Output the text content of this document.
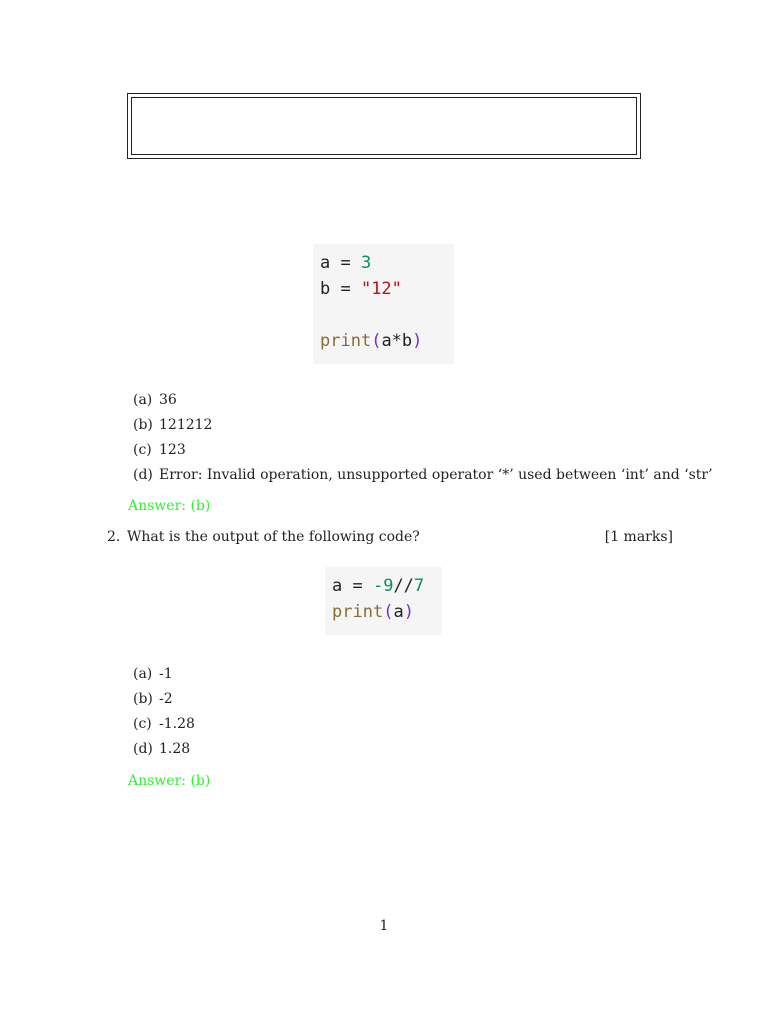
a = 3
b = "12"
print(a*b)
(a) 36
(b) 121212
(c) 123
(d) Error: Invalid operation, unsupported operator ‘*’ used between ‘int’ and ‘str’
Answer: (b)
2. What is the output of the following code?	[1 marks]
a = -9//7
print(a)
(a) -1
(b) -2
(c) -1.28
(d) 1.28
Answer: (b)
1
